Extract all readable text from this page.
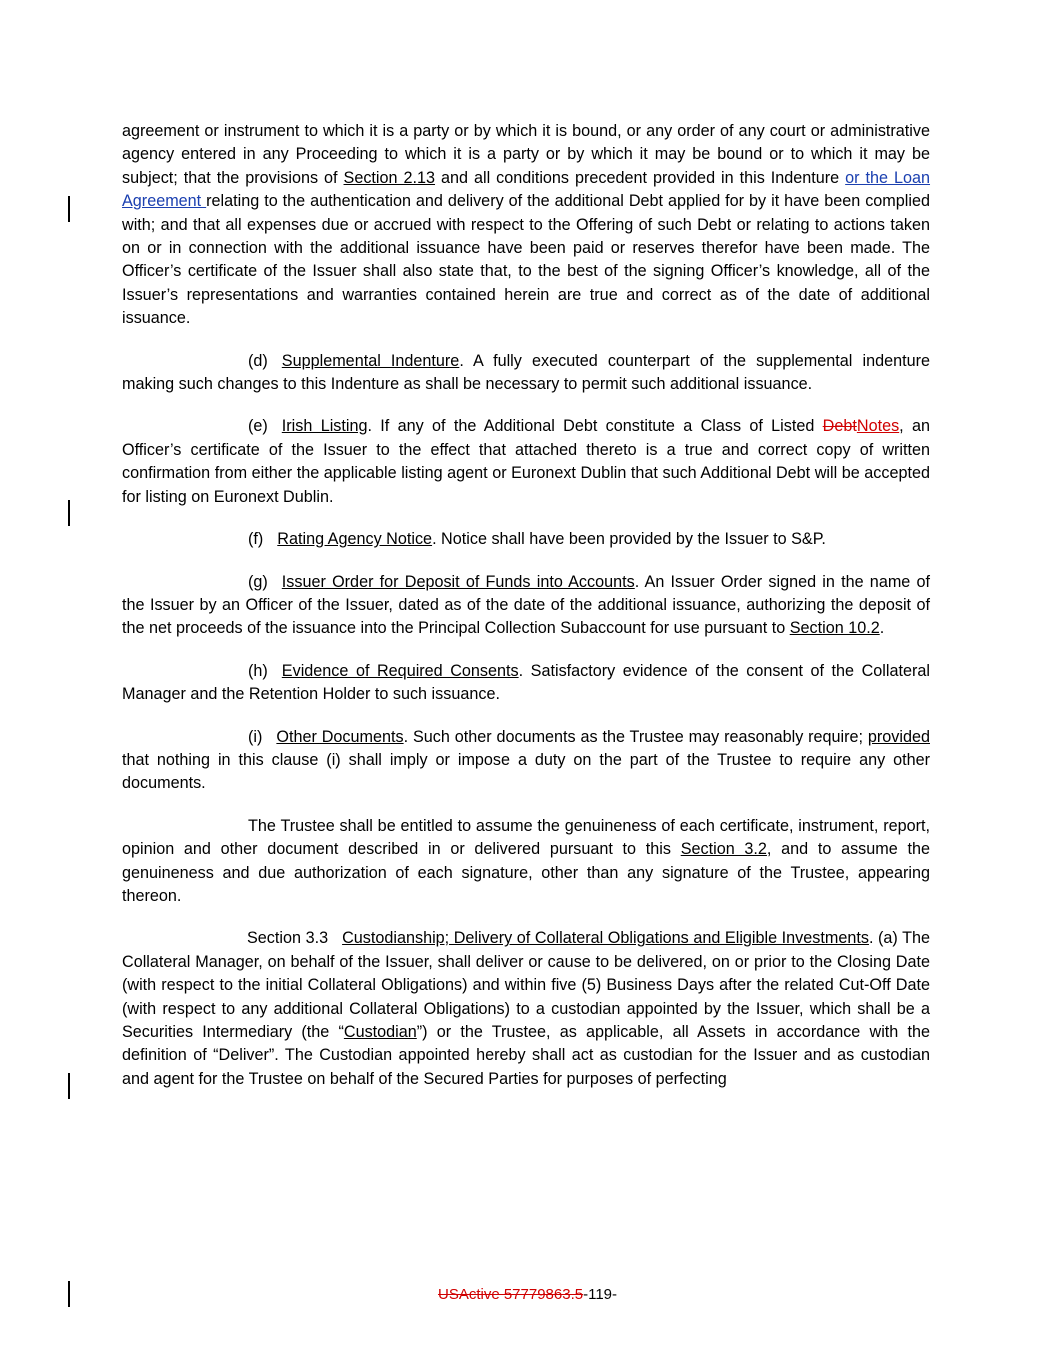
agreement or instrument to which it is a party or by which it is bound, or any order of any court or administrative agency entered in any Proceeding to which it is a party or by which it may be bound or to which it may be subject; that the provisions of Section 2.13 and all conditions precedent provided in this Indenture or the Loan Agreement relating to the authentication and delivery of the additional Debt applied for by it have been complied with; and that all expenses due or accrued with respect to the Offering of such Debt or relating to actions taken on or in connection with the additional issuance have been paid or reserves therefor have been made. The Officer’s certificate of the Issuer shall also state that, to the best of the signing Officer’s knowledge, all of the Issuer’s representations and warranties contained herein are true and correct as of the date of additional issuance.

(d) Supplemental Indenture. A fully executed counterpart of the supplemental indenture making such changes to this Indenture as shall be necessary to permit such additional issuance.

(e) Irish Listing. If any of the Additional Debt constitute a Class of Listed DebtNotes, an Officer’s certificate of the Issuer to the effect that attached thereto is a true and correct copy of written confirmation from either the applicable listing agent or Euronext Dublin that such Additional Debt will be accepted for listing on Euronext Dublin.

(f) Rating Agency Notice. Notice shall have been provided by the Issuer to S&P.

(g) Issuer Order for Deposit of Funds into Accounts. An Issuer Order signed in the name of the Issuer by an Officer of the Issuer, dated as of the date of the additional issuance, authorizing the deposit of the net proceeds of the issuance into the Principal Collection Subaccount for use pursuant to Section 10.2.

(h) Evidence of Required Consents. Satisfactory evidence of the consent of the Collateral Manager and the Retention Holder to such issuance.

(i) Other Documents. Such other documents as the Trustee may reasonably require; provided that nothing in this clause (i) shall imply or impose a duty on the part of the Trustee to require any other documents.

The Trustee shall be entitled to assume the genuineness of each certificate, instrument, report, opinion and other document described in or delivered pursuant to this Section 3.2, and to assume the genuineness and due authorization of each signature, other than any signature of the Trustee, appearing thereon.

Section 3.3 Custodianship; Delivery of Collateral Obligations and Eligible Investments. (a) The Collateral Manager, on behalf of the Issuer, shall deliver or cause to be delivered, on or prior to the Closing Date (with respect to the initial Collateral Obligations) and within five (5) Business Days after the related Cut-Off Date (with respect to any additional Collateral Obligations) to a custodian appointed by the Issuer, which shall be a Securities Intermediary (the “Custodian”) or the Trustee, as applicable, all Assets in accordance with the definition of “Deliver”. The Custodian appointed hereby shall act as custodian for the Issuer and as custodian and agent for the Trustee on behalf of the Secured Parties for purposes of perfecting

USActive 57779863.5-119-
